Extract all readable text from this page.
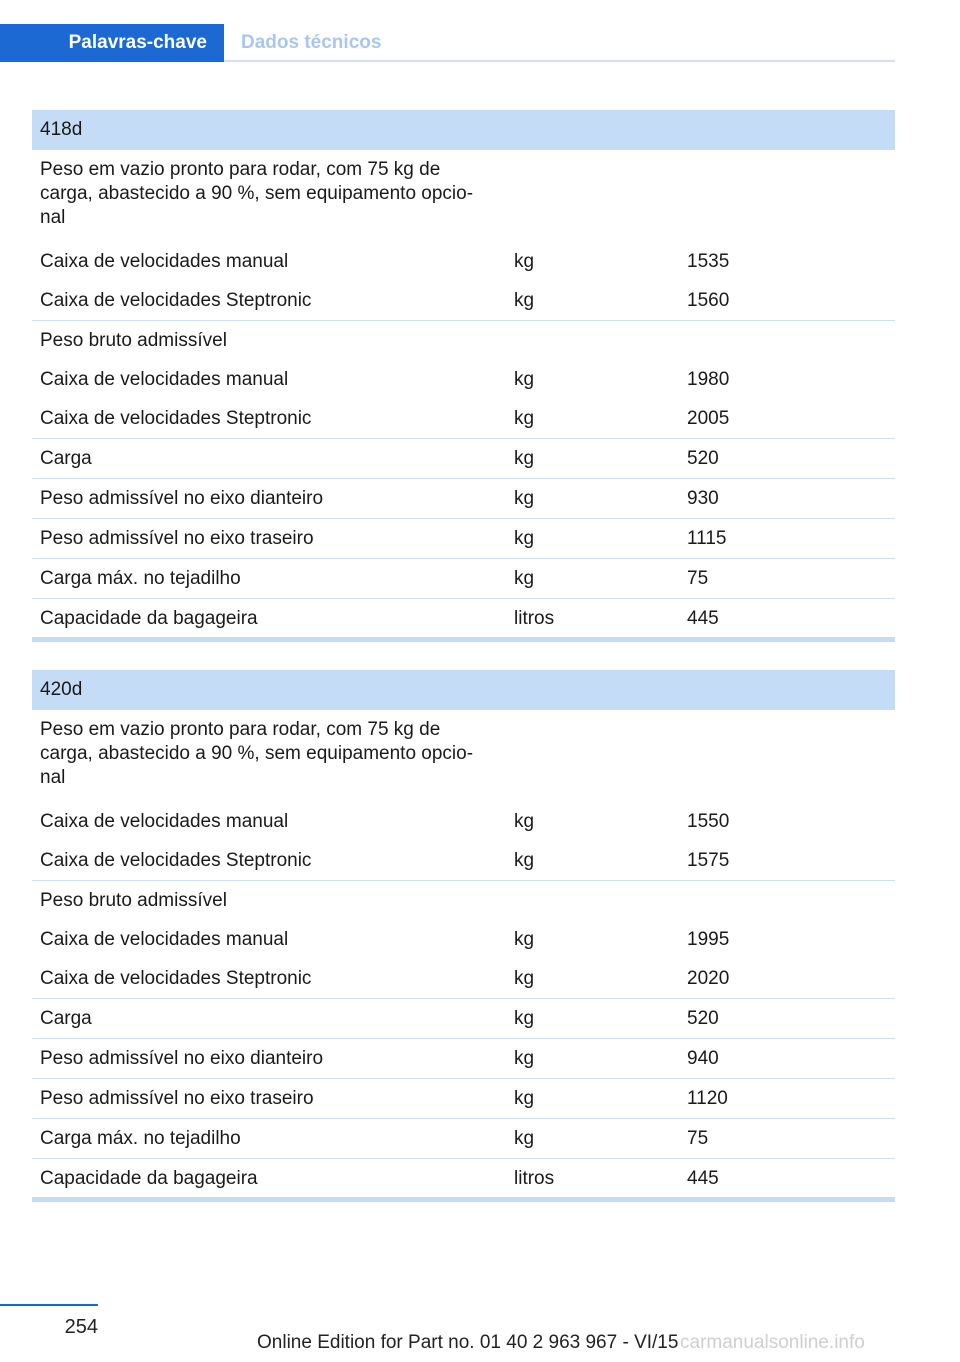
Palavras-chave	Dados técnicos
418d
Peso em vazio pronto para rodar, com 75 kg de carga, abastecido a 90 %, sem equipamento opcio-nal
Caixa de velocidades manual	kg	1535
Caixa de velocidades Steptronic	kg	1560
Peso bruto admissível
Caixa de velocidades manual	kg	1980
Caixa de velocidades Steptronic	kg	2005
Carga	kg	520
Peso admissível no eixo dianteiro	kg	930
Peso admissível no eixo traseiro	kg	1115
Carga máx. no tejadilho	kg	75
Capacidade da bagageira	litros	445
420d
Peso em vazio pronto para rodar, com 75 kg de carga, abastecido a 90 %, sem equipamento opcio-nal
Caixa de velocidades manual	kg	1550
Caixa de velocidades Steptronic	kg	1575
Peso bruto admissível
Caixa de velocidades manual	kg	1995
Caixa de velocidades Steptronic	kg	2020
Carga	kg	520
Peso admissível no eixo dianteiro	kg	940
Peso admissível no eixo traseiro	kg	1120
Carga máx. no tejadilho	kg	75
Capacidade da bagageira	litros	445
254
Online Edition for Part no. 01 40 2 963 967 - VI/15 carmanualsonline.info
